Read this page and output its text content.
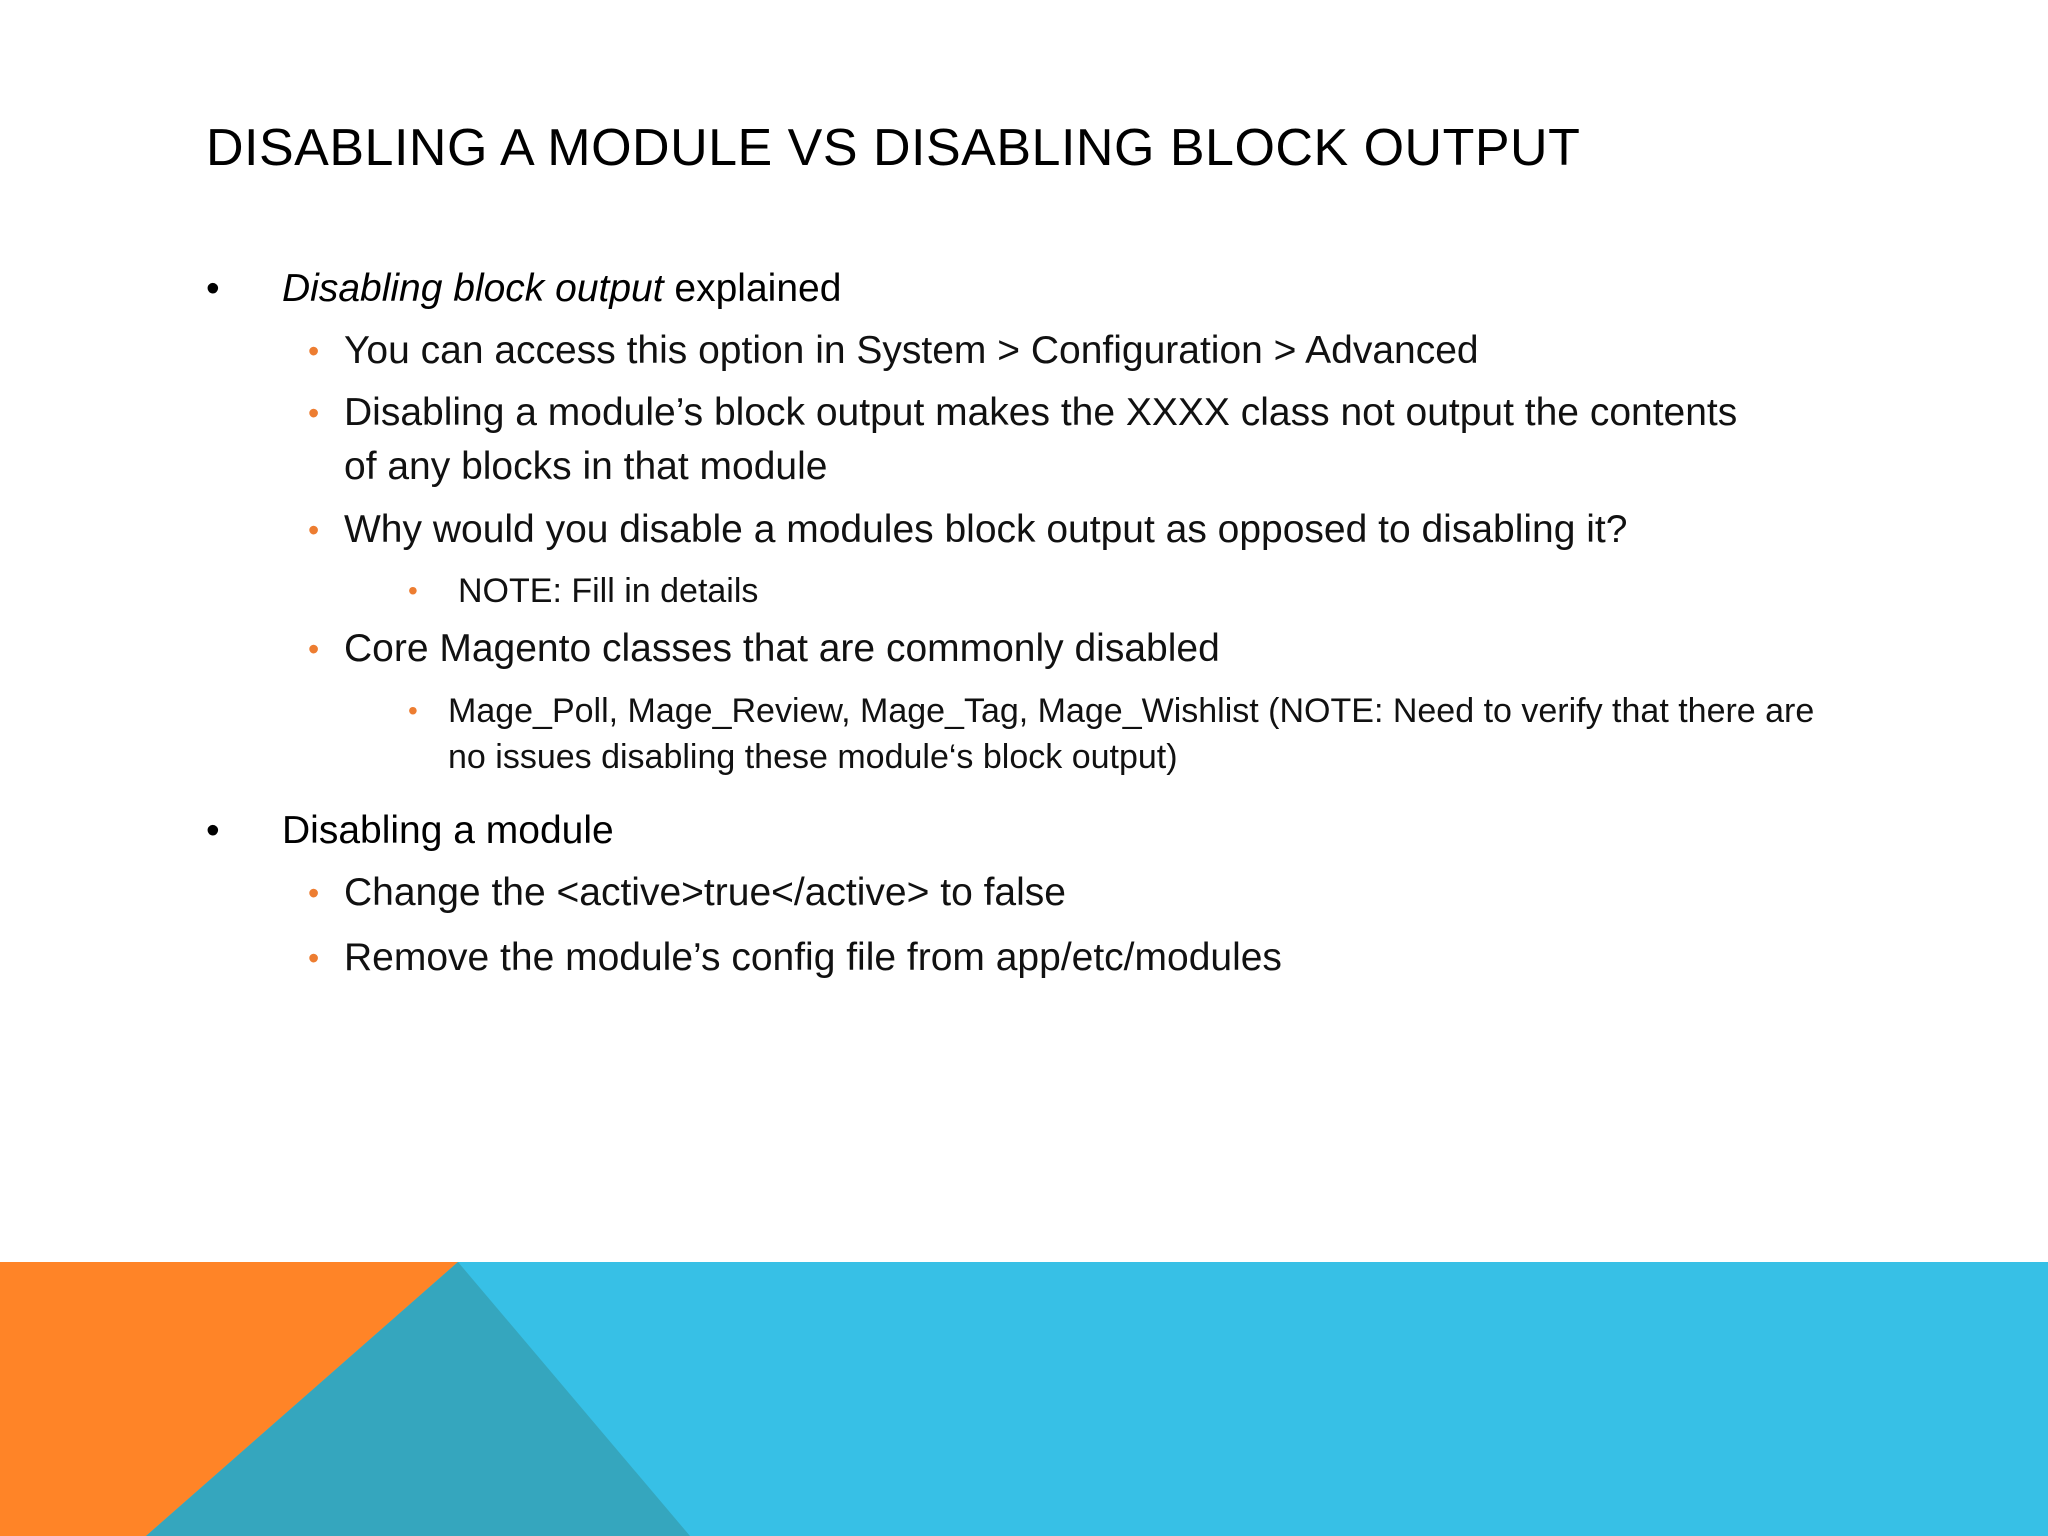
DISABLING A MODULE VS DISABLING BLOCK OUTPUT
• Disabling block output explained
• You can access this option in System > Configuration > Advanced
• Disabling a module’s block output makes the XXXX class not output the contents of any blocks in that module
• Why would you disable a modules block output as opposed to disabling it?
• NOTE: Fill in details
• Core Magento classes that are commonly disabled
• Mage_Poll, Mage_Review, Mage_Tag, Mage_Wishlist (NOTE: Need to verify that there are no issues disabling these module‘s block output)
• Disabling a module
• Change the <active>true</active> to false
• Remove the module’s config file from app/etc/modules
